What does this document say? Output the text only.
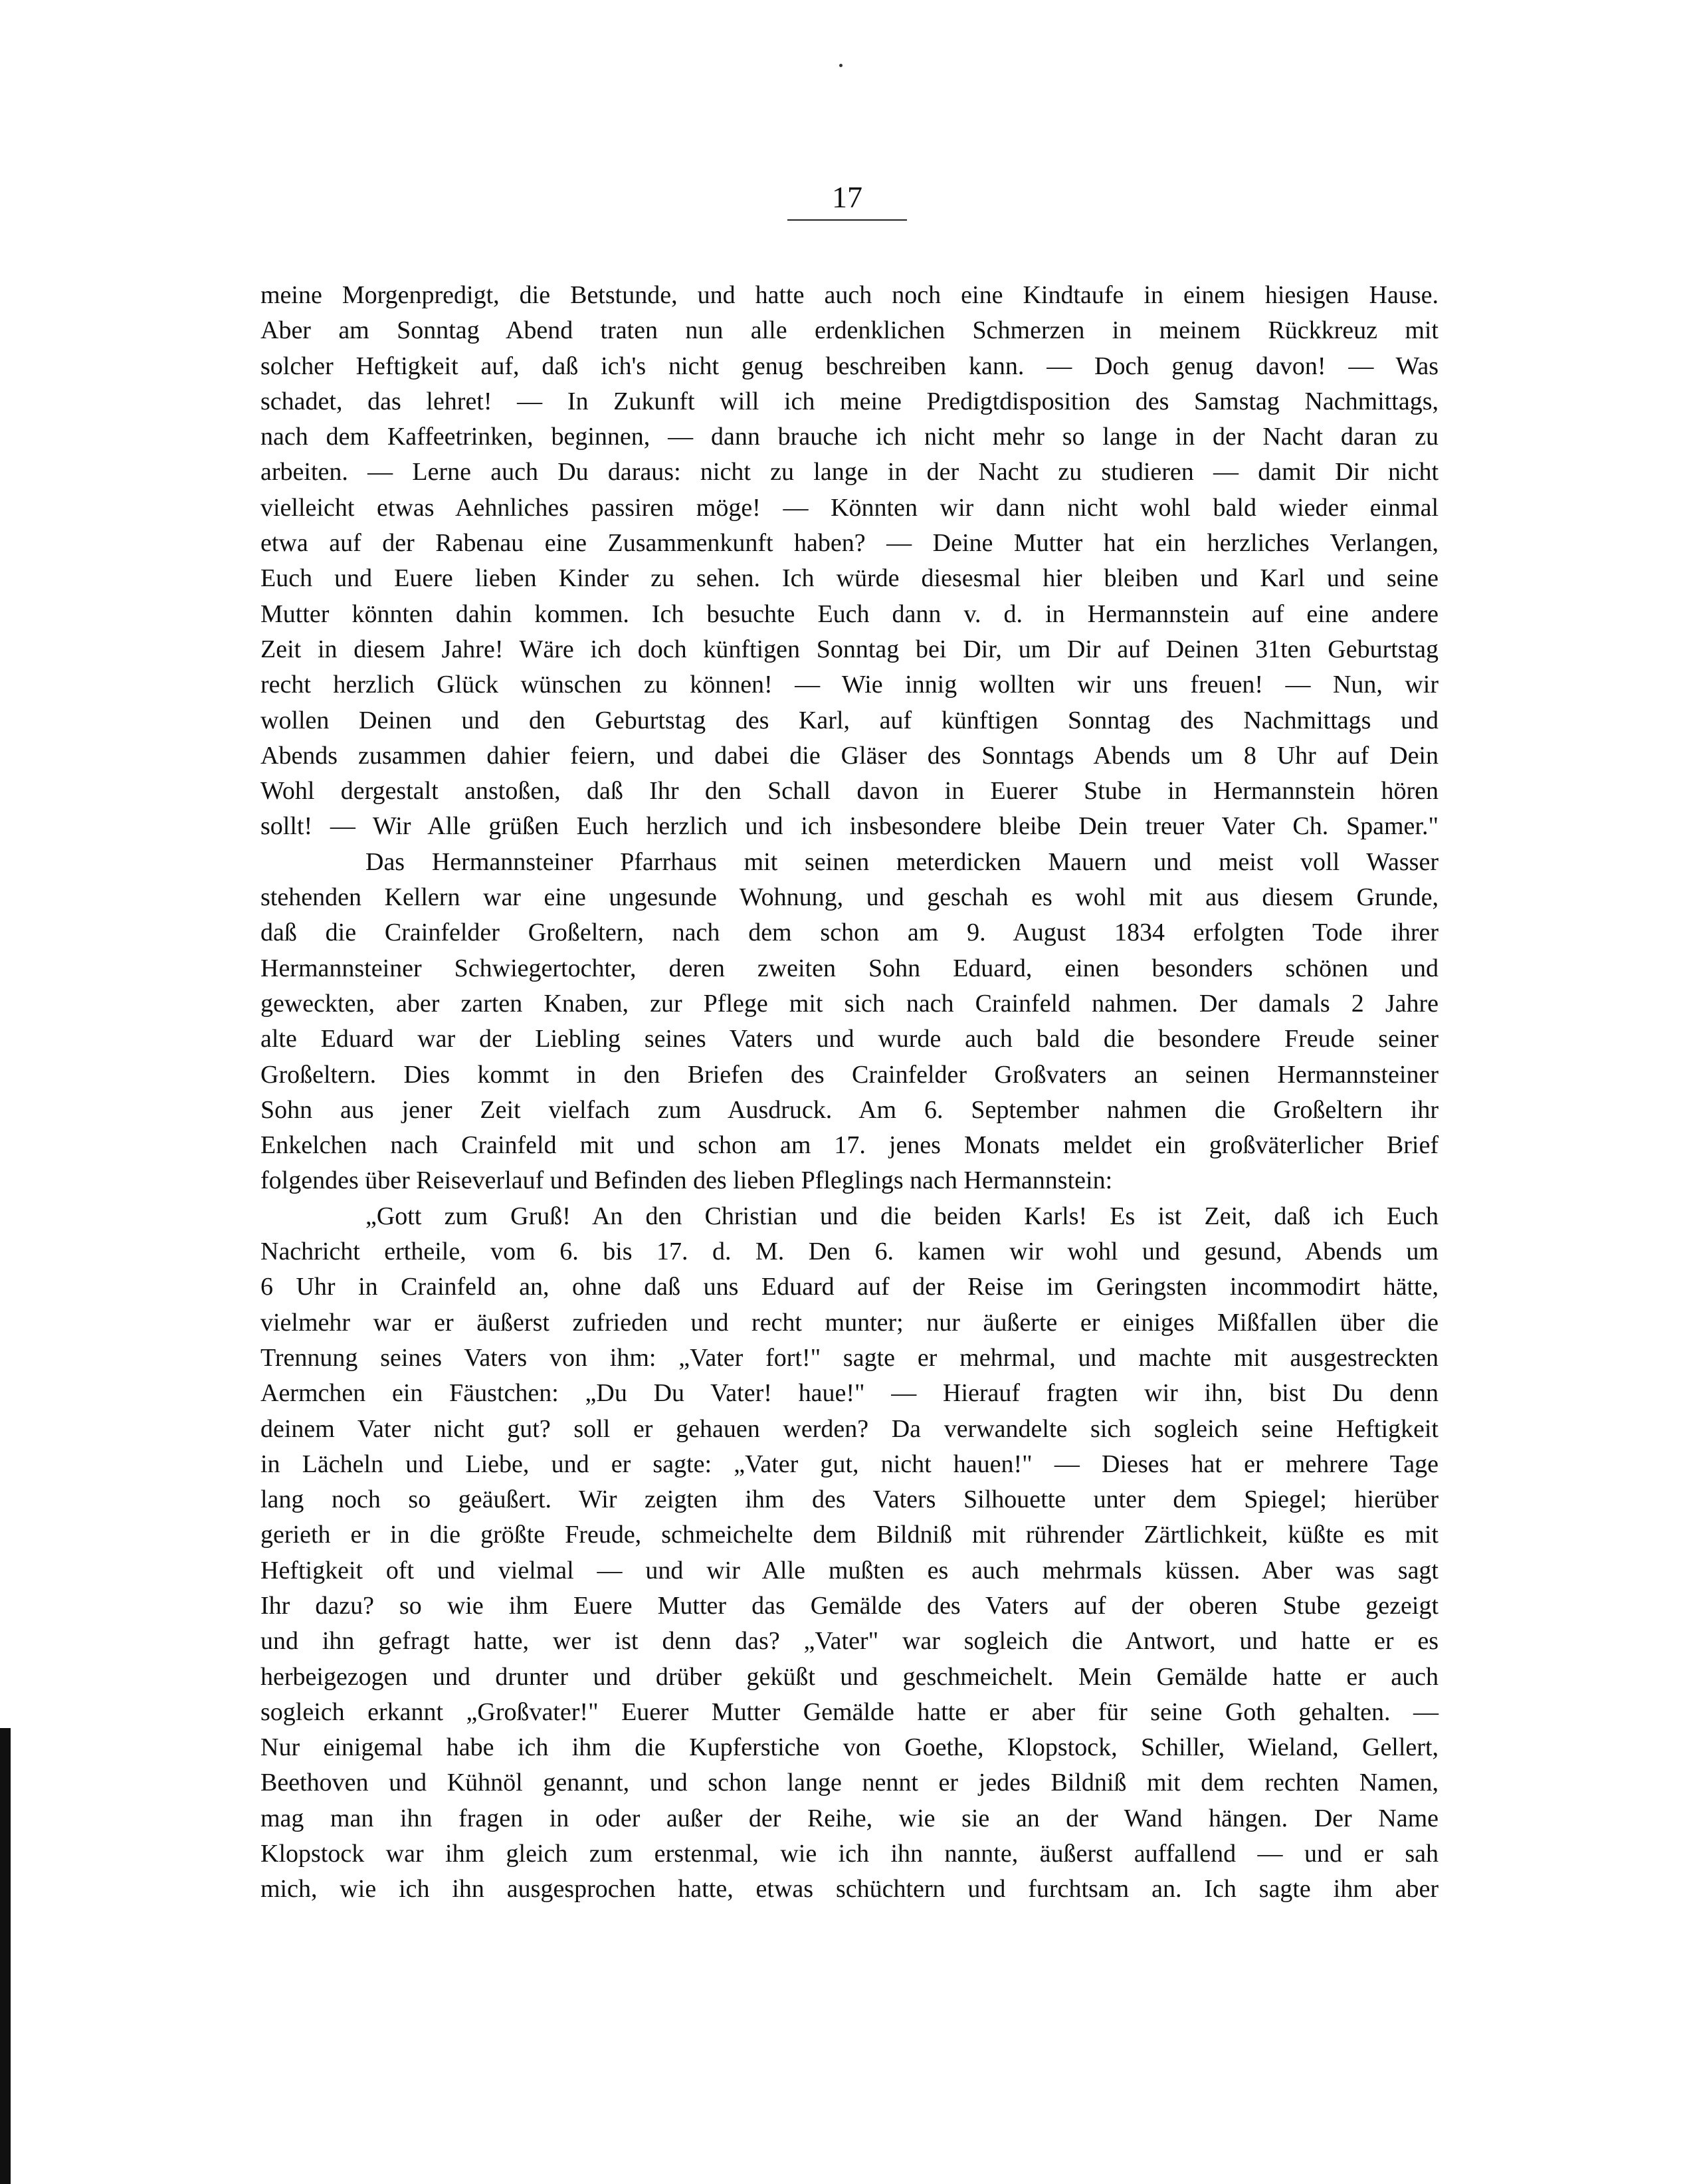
17
meine Morgenpredigt, die Betstunde, und hatte auch noch eine Kindtaufe in einem hiesigen Hause.
Aber am Sonntag Abend traten nun alle erdenklichen Schmerzen in meinem Rückkreuz mit
solcher Heftigkeit auf, daß ich's nicht genug beschreiben kann. — Doch genug davon! — Was
schadet, das lehret! — In Zukunft will ich meine Predigtdisposition des Samstag Nachmittags,
nach dem Kaffeetrinken, beginnen, — dann brauche ich nicht mehr so lange in der Nacht daran zu
arbeiten. — Lerne auch Du daraus: nicht zu lange in der Nacht zu studieren — damit Dir nicht
vielleicht etwas Aehnliches passiren möge! — Könnten wir dann nicht wohl bald wieder einmal
etwa auf der Rabenau eine Zusammenkunft haben? — Deine Mutter hat ein herzliches Verlangen,
Euch und Euere lieben Kinder zu sehen. Ich würde diesesmal hier bleiben und Karl und seine
Mutter könnten dahin kommen. Ich besuchte Euch dann v. d. in Hermannstein auf eine andere
Zeit in diesem Jahre! Wäre ich doch künftigen Sonntag bei Dir, um Dir auf Deinen 31ten Geburtstag
recht herzlich Glück wünschen zu können! — Wie innig wollten wir uns freuen! — Nun, wir
wollen Deinen und den Geburtstag des Karl, auf künftigen Sonntag des Nachmittags und
Abends zusammen dahier feiern, und dabei die Gläser des Sonntags Abends um 8 Uhr auf Dein
Wohl dergestalt anstoßen, daß Ihr den Schall davon in Euerer Stube in Hermannstein hören
sollt! — Wir Alle grüßen Euch herzlich und ich insbesondere bleibe Dein treuer Vater Ch. Spamer."
Das Hermannsteiner Pfarrhaus mit seinen meterdicken Mauern und meist voll Wasser
stehenden Kellern war eine ungesunde Wohnung, und geschah es wohl mit aus diesem Grunde,
daß die Crainfelder Großeltern, nach dem schon am 9. August 1834 erfolgten Tode ihrer
Hermannsteiner Schwiegertochter, deren zweiten Sohn Eduard, einen besonders schönen und
geweckten, aber zarten Knaben, zur Pflege mit sich nach Crainfeld nahmen. Der damals 2 Jahre
alte Eduard war der Liebling seines Vaters und wurde auch bald die besondere Freude seiner
Großeltern. Dies kommt in den Briefen des Crainfelder Großvaters an seinen Hermannsteiner
Sohn aus jener Zeit vielfach zum Ausdruck. Am 6. September nahmen die Großeltern ihr
Enkelchen nach Crainfeld mit und schon am 17. jenes Monats meldet ein großväterlicher Brief
folgendes über Reiseverlauf und Befinden des lieben Pfleglings nach Hermannstein:
„Gott zum Gruß! An den Christian und die beiden Karls! Es ist Zeit, daß ich Euch
Nachricht ertheile, vom 6. bis 17. d. M. Den 6. kamen wir wohl und gesund, Abends um
6 Uhr in Crainfeld an, ohne daß uns Eduard auf der Reise im Geringsten incommodirt hätte,
vielmehr war er äußerst zufrieden und recht munter; nur äußerte er einiges Mißfallen über die
Trennung seines Vaters von ihm: „Vater fort!" sagte er mehrmal, und machte mit ausgestreckten
Aermchen ein Fäustchen: „Du Du Vater! haue!" — Hierauf fragten wir ihn, bist Du denn
deinem Vater nicht gut? soll er gehauen werden? Da verwandelte sich sogleich seine Heftigkeit
in Lächeln und Liebe, und er sagte: „Vater gut, nicht hauen!" — Dieses hat er mehrere Tage
lang noch so geäußert. Wir zeigten ihm des Vaters Silhouette unter dem Spiegel; hierüber
gerieth er in die größte Freude, schmeichelte dem Bildniß mit rührender Zärtlichkeit, küßte es mit
Heftigkeit oft und vielmal — und wir Alle mußten es auch mehrmals küssen. Aber was sagt
Ihr dazu? so wie ihm Euere Mutter das Gemälde des Vaters auf der oberen Stube gezeigt
und ihn gefragt hatte, wer ist denn das? „Vater" war sogleich die Antwort, und hatte er es
herbeigezogen und drunter und drüber geküßt und geschmeichelt. Mein Gemälde hatte er auch
sogleich erkannt „Großvater!" Euerer Mutter Gemälde hatte er aber für seine Goth gehalten. —
Nur einigemal habe ich ihm die Kupferstiche von Goethe, Klopstock, Schiller, Wieland, Gellert,
Beethoven und Kühnöl genannt, und schon lange nennt er jedes Bildniß mit dem rechten Namen,
mag man ihn fragen in oder außer der Reihe, wie sie an der Wand hängen. Der Name
Klopstock war ihm gleich zum erstenmal, wie ich ihn nannte, äußerst auffallend — und er sah
mich, wie ich ihn ausgesprochen hatte, etwas schüchtern und furchtsam an. Ich sagte ihm aber
